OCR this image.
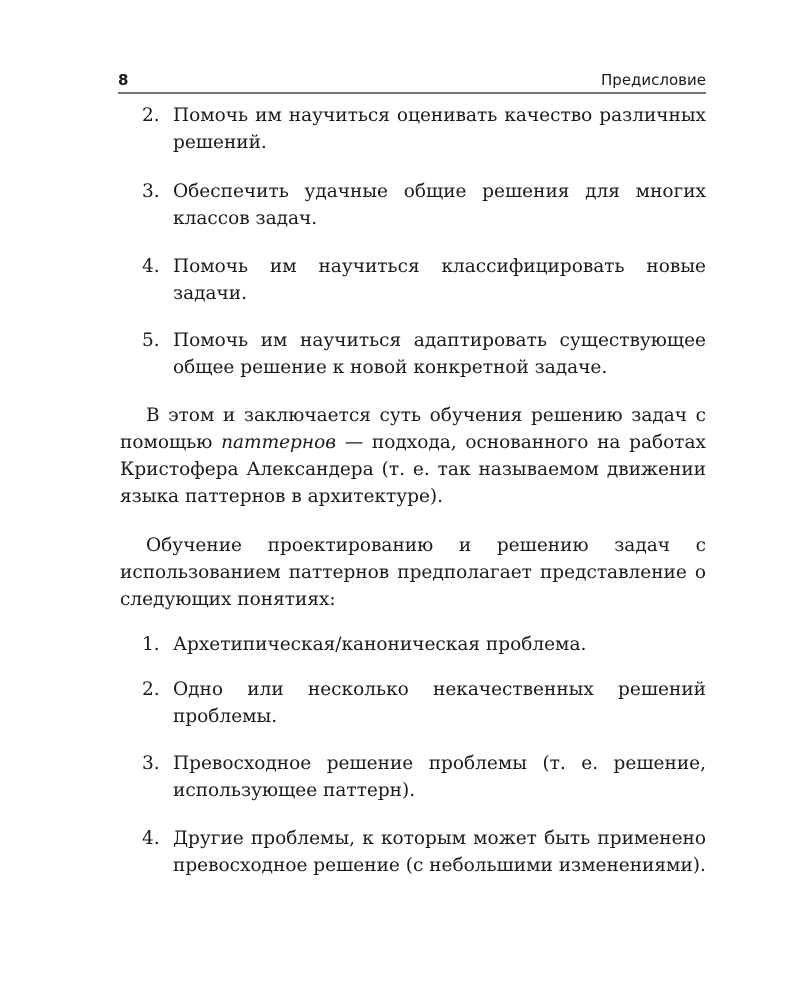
8	Предисловие
2. Помочь им научиться оценивать качество различных решений.
3. Обеспечить удачные общие решения для многих классов задач.
4. Помочь им научиться классифицировать новые задачи.
5. Помочь им научиться адаптировать существующее общее решение к новой конкретной задаче.
В этом и заключается суть обучения решению задач с помощью паттернов — подхода, основанного на работах Кристофера Александера (т. е. так называемом движении языка паттернов в архитектуре).
Обучение проектированию и решению задач с использованием паттернов предполагает представление о следующих понятиях:
1. Архетипическая/каноническая проблема.
2. Одно или несколько некачественных решений проблемы.
3. Превосходное решение проблемы (т. е. решение, использующее паттерн).
4. Другие проблемы, к которым может быть применено превосходное решение (с небольшими изменениями).
